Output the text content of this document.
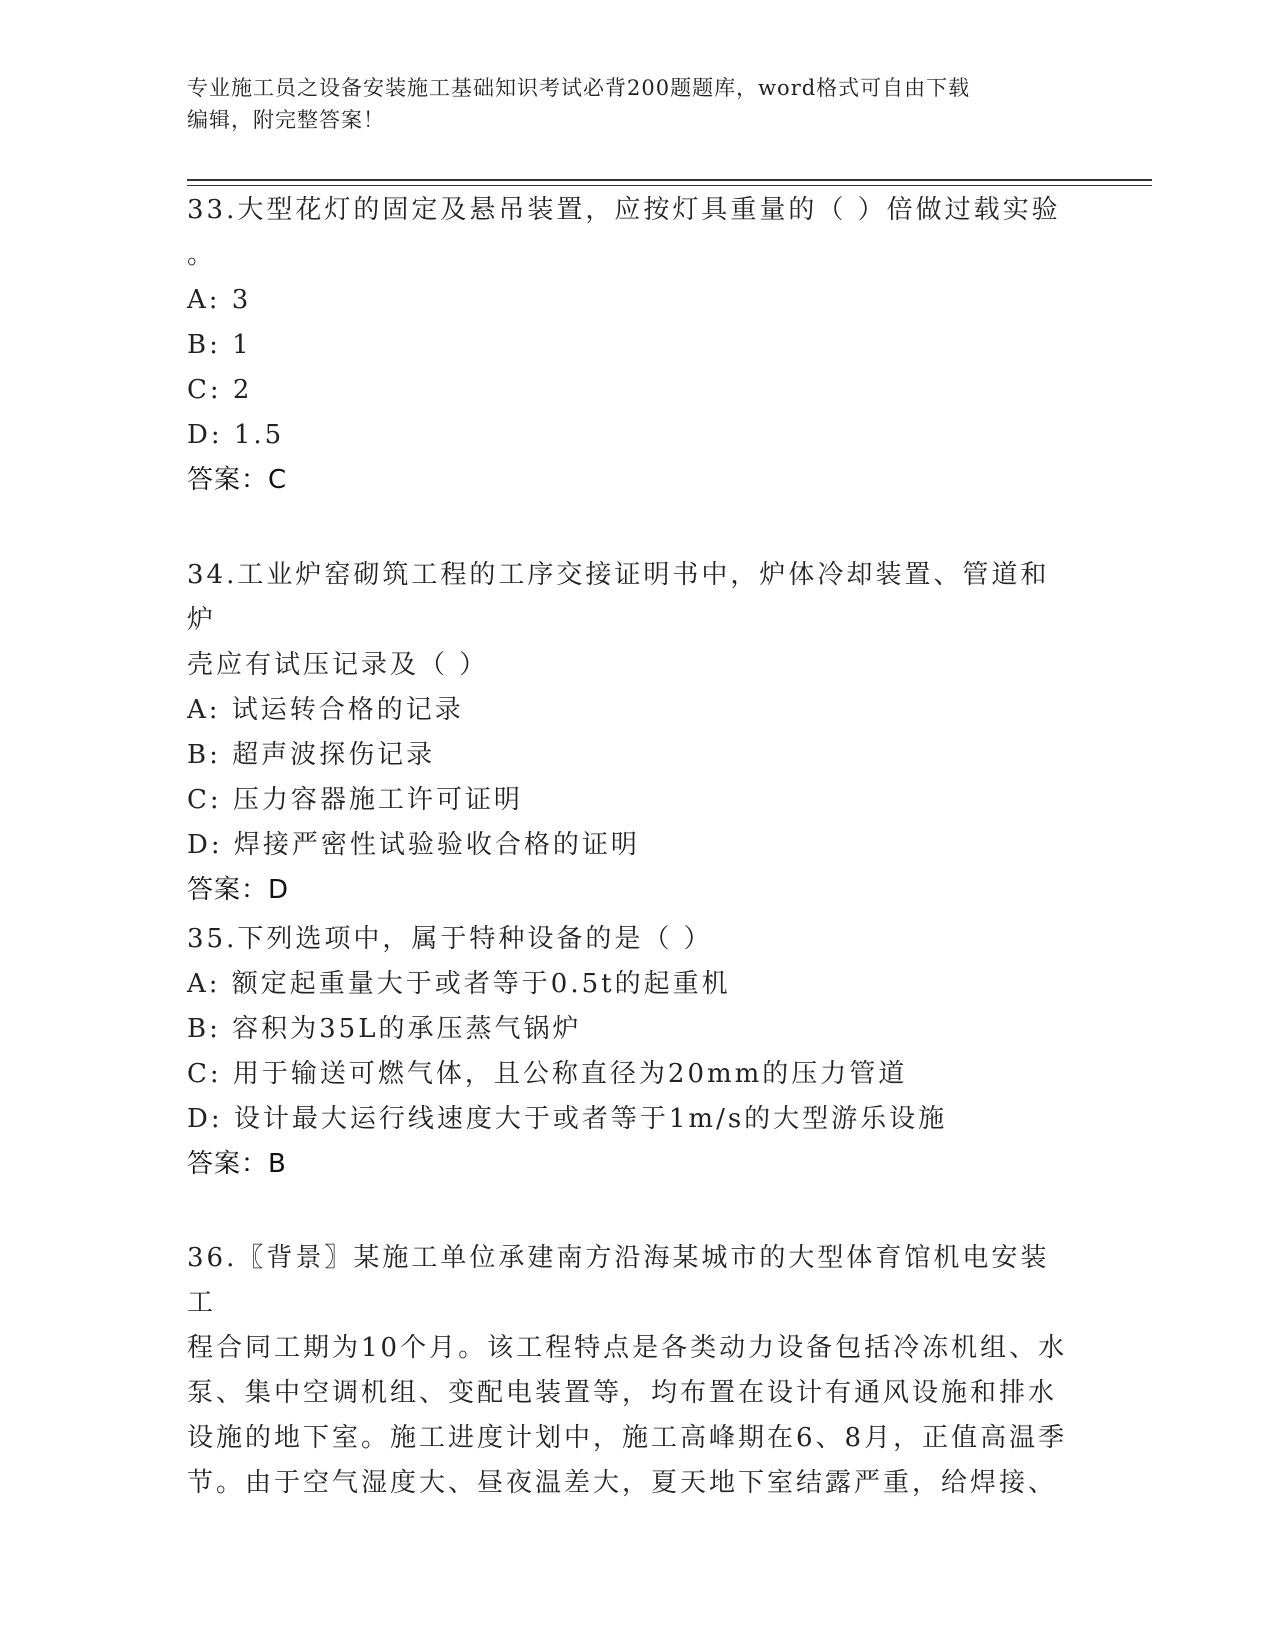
专业施工员之设备安装施工基础知识考试必背200题题库，word格式可自由下载
编辑，附完整答案！

33.大型花灯的固定及悬吊装置，应按灯具重量的（ ）倍做过载实验

。

A: 3

B: 1

C: 2

D: 1.5

答案：C

34.工业炉窑砌筑工程的工序交接证明书中，炉体冷却装置、管道和炉

壳应有试压记录及（ ）

A: 试运转合格的记录

B: 超声波探伤记录

C: 压力容器施工许可证明

D: 焊接严密性试验验收合格的证明

答案：D

35.下列选项中，属于特种设备的是（ ）

A: 额定起重量大于或者等于0.5t的起重机

B: 容积为35L的承压蒸气锅炉

C: 用于输送可燃气体，且公称直径为20mm的压力管道

D: 设计最大运行线速度大于或者等于1m/s的大型游乐设施

答案：B

36.〖背景〗某施工单位承建南方沿海某城市的大型体育馆机电安装工

程合同工期为10个月。该工程特点是各类动力设备包括冷冻机组、水

泵、集中空调机组、变配电装置等，均布置在设计有通风设施和排水

设施的地下室。施工进度计划中，施工高峰期在6、8月，正值高温季

节。由于空气湿度大、昼夜温差大，夏天地下室结露严重，给焊接、
